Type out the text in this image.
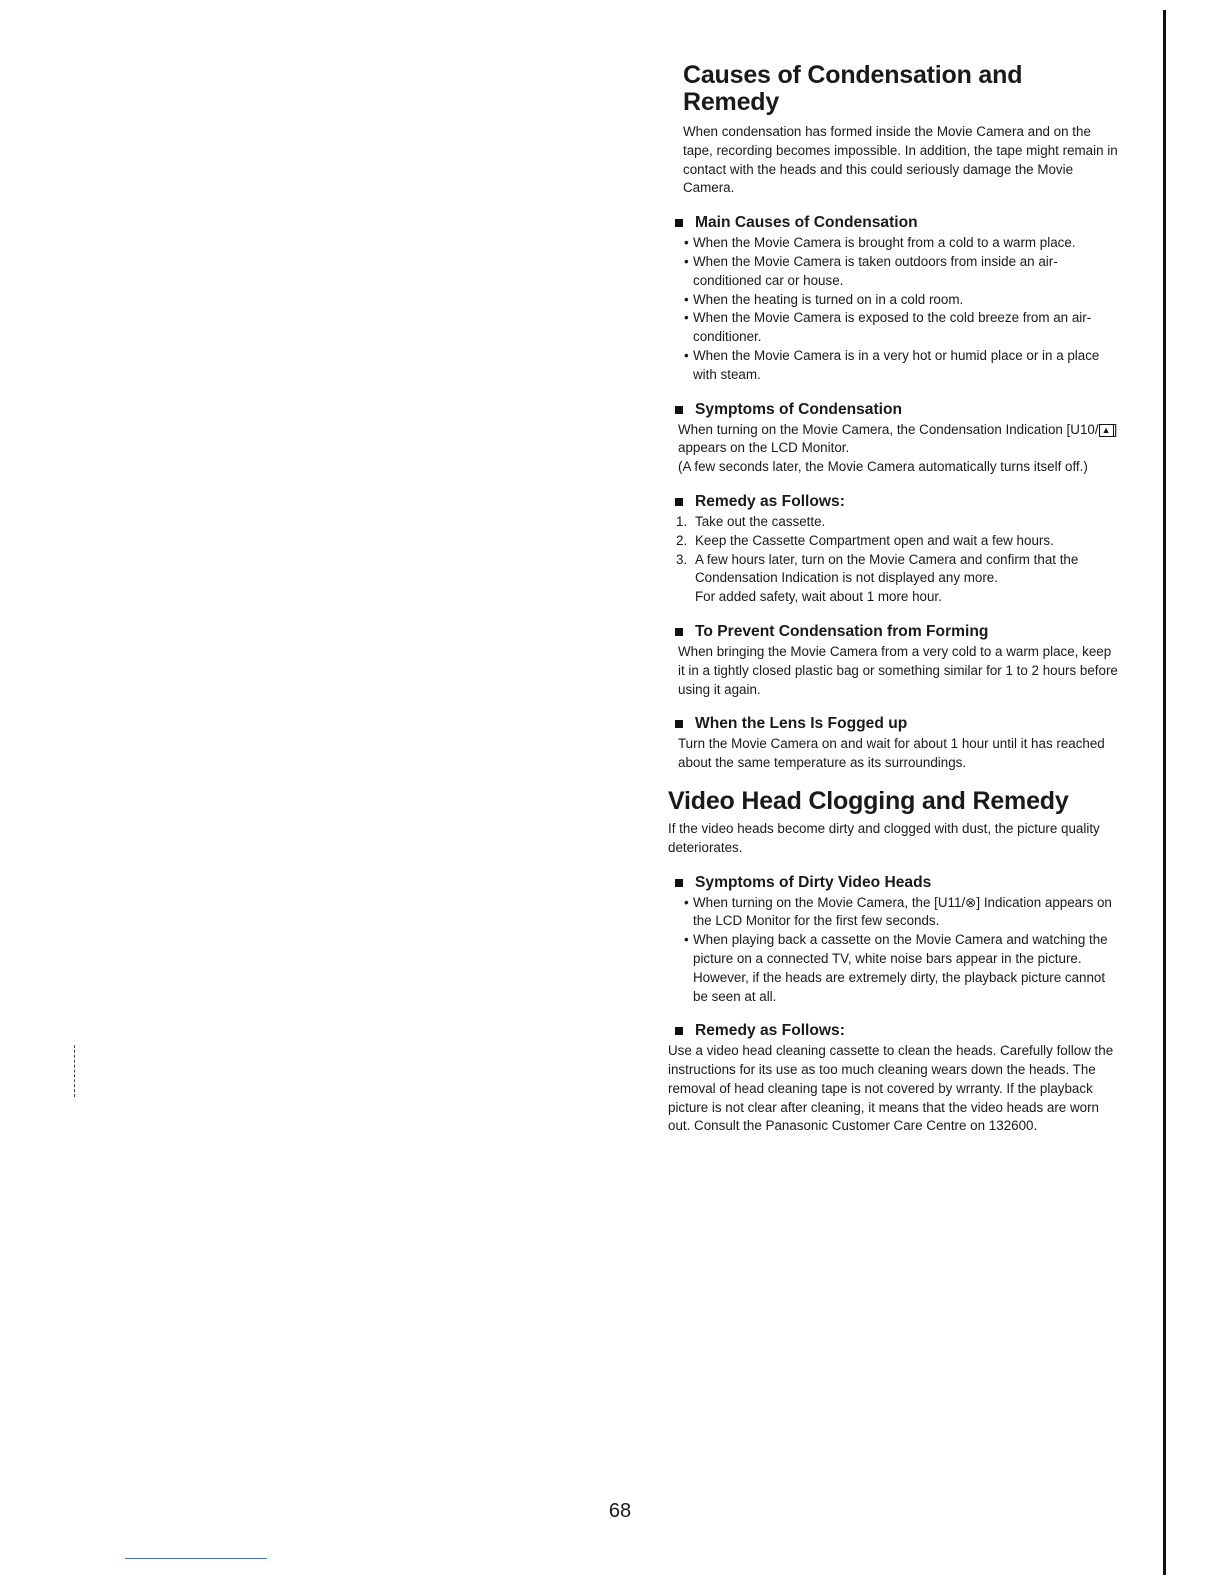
Causes of Condensation and Remedy

When condensation has formed inside the Movie Camera and on the tape, recording becomes impossible. In addition, the tape might remain in contact with the heads and this could seriously damage the Movie Camera.

Main Causes of Condensation
• When the Movie Camera is brought from a cold to a warm place.
• When the Movie Camera is taken outdoors from inside an air-conditioned car or house.
• When the heating is turned on in a cold room.
• When the Movie Camera is exposed to the cold breeze from an air-conditioner.
• When the Movie Camera is in a very hot or humid place or in a place with steam.
Symptoms of Condensation

When turning on the Movie Camera, the Condensation Indication [U10/ ▲ ] appears on the LCD Monitor.

(A few seconds later, the Movie Camera automatically turns itself off.)

Remedy as Follows:
1. Take out the cassette.
2. Keep the Cassette Compartment open and wait a few hours.
3. A few hours later, turn on the Movie Camera and confirm that the Condensation Indication is not displayed any more.

For added safety, wait about 1 more hour.

To Prevent Condensation from Forming

When bringing the Movie Camera from a very cold to a warm place, keep it in a tightly closed plastic bag or something similar for 1 to 2 hours before using it again.

When the Lens Is Fogged up

Turn the Movie Camera on and wait for about 1 hour until it has reached about the same temperature as its surroundings.

Video Head Clogging and Remedy

If the video heads become dirty and clogged with dust, the picture quality deteriorates.

Symptoms of Dirty Video Heads
• When turning on the Movie Camera, the [U11/⊗] Indication appears on the LCD Monitor for the first few seconds.
• When playing back a cassette on the Movie Camera and watching the picture on a connected TV, white noise bars appear in the picture. However, if the heads are extremely dirty, the playback picture cannot be seen at all.
Remedy as Follows:

Use a video head cleaning cassette to clean the heads. Carefully follow the instructions for its use as too much cleaning wears down the heads. The removal of head cleaning tape is not covered by wrranty. If the playback picture is not clear after cleaning, it means that the video heads are worn out. Consult the Panasonic Customer Care Centre on 132600.

68
